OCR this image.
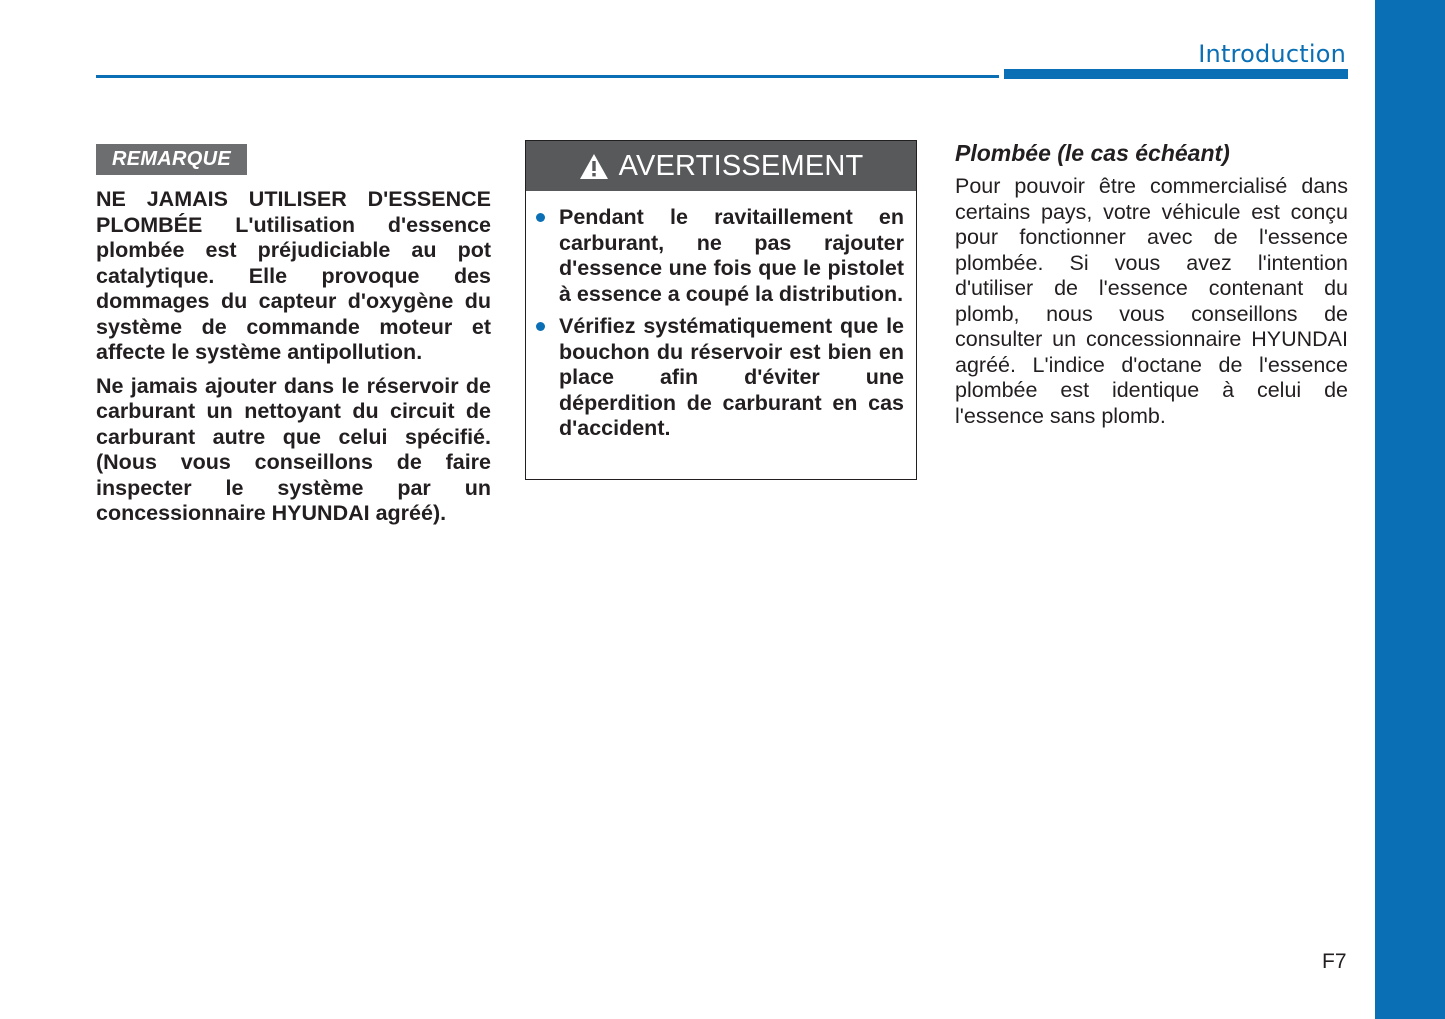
Introduction
REMARQUE

NE JAMAIS UTILISER D'ESSENCE PLOMBÉE L'utilisation d'essence plombée est préjudiciable au pot catalytique. Elle provoque des dommages du capteur d'oxygène du système de commande moteur et affecte le système antipollution.

Ne jamais ajouter dans le réservoir de carburant un nettoyant du circuit de carburant autre que celui spécifié. (Nous vous conseillons de faire inspecter le système par un concessionnaire HYUNDAI agréé).

AVERTISSEMENT
Pendant le ravitaillement en carburant, ne pas rajouter d'essence une fois que le pistolet à essence a coupé la distribution.
Vérifiez systématiquement que le bouchon du réservoir est bien en place afin d'éviter une déperdition de carburant en cas d'accident.
Plombée (le cas échéant)

Pour pouvoir être commercialisé dans certains pays, votre véhicule est conçu pour fonctionner avec de l'essence plombée. Si vous avez l'intention d'utiliser de l'essence contenant du plomb, nous vous conseillons de consulter un concessionnaire HYUNDAI agréé. L'indice d'octane de l'essence plombée est identique à celui de l'essence sans plomb.

F7
